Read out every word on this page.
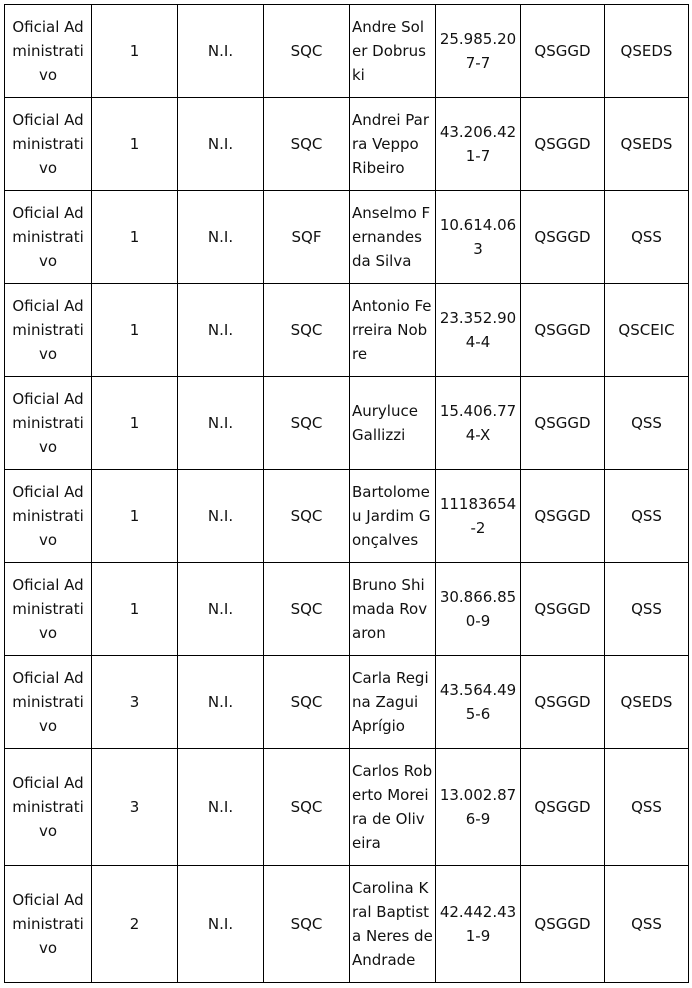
Oficial Administrativo	1	N.I.	SQC	Andre Soler Dobruski	25.985.207-7	QSGGD	QSEDS
Oficial Administrativo	1	N.I.	SQC	Andrei Parra Veppo Ribeiro	43.206.421-7	QSGGD	QSEDS
Oficial Administrativo	1	N.I.	SQF	Anselmo Fernandes da Silva	10.614.063	QSGGD	QSS
Oficial Administrativo	1	N.I.	SQC	Antonio Ferreira Nobre	23.352.904-4	QSGGD	QSCEIC
Oficial Administrativo	1	N.I.	SQC	Auryluce Gallizzi	15.406.774-X	QSGGD	QSS
Oficial Administrativo	1	N.I.	SQC	Bartolomeu Jardim Gonçalves	11183654-2	QSGGD	QSS
Oficial Administrativo	1	N.I.	SQC	Bruno Shimada Rovaron	30.866.850-9	QSGGD	QSS
Oficial Administrativo	3	N.I.	SQC	Carla Regina Zagui Aprígio	43.564.495-6	QSGGD	QSEDS
Oficial Administrativo	3	N.I.	SQC	Carlos Roberto Moreira de Oliveira	13.002.876-9	QSGGD	QSS
Oficial Administrativo	2	N.I.	SQC	Carolina Kral Baptista Neres de Andrade	42.442.431-9	QSGGD	QSS
